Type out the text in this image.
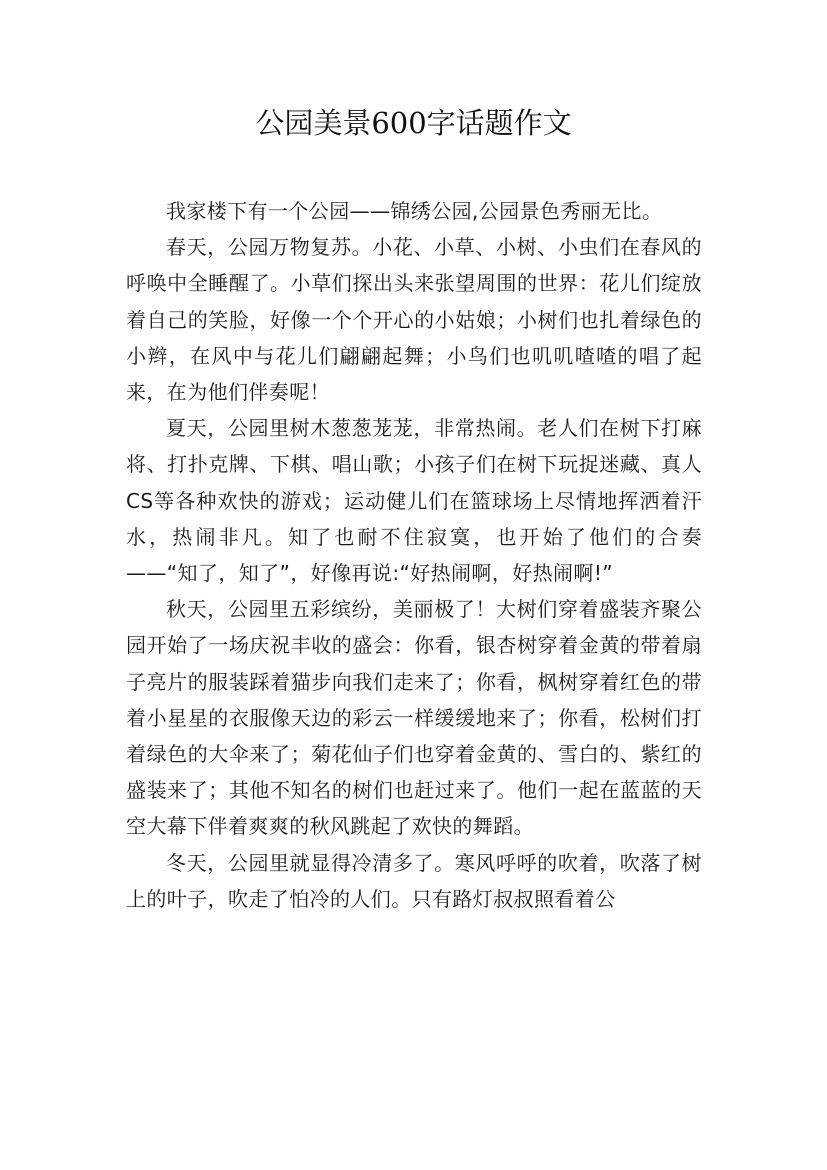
公园美景600字话题作文

我家楼下有一个公园——锦绣公园,公园景色秀丽无比。

春天，公园万物复苏。小花、小草、小树、小虫们在春风的呼唤中全睡醒了。小草们探出头来张望周围的世界：花儿们绽放着自己的笑脸，好像一个个开心的小姑娘；小树们也扎着绿色的小辫，在风中与花儿们翩翩起舞；小鸟们也叽叽喳喳的唱了起来，在为他们伴奏呢！

夏天，公园里树木葱葱茏茏，非常热闹。老人们在树下打麻将、打扑克牌、下棋、唱山歌；小孩子们在树下玩捉迷藏、真人CS等各种欢快的游戏；运动健儿们在篮球场上尽情地挥洒着汗水，热闹非凡。知了也耐不住寂寞，也开始了他们的合奏——“知了，知了”，好像再说:“好热闹啊，好热闹啊!”

秋天，公园里五彩缤纷，美丽极了！大树们穿着盛装齐聚公园开始了一场庆祝丰收的盛会：你看，银杏树穿着金黄的带着扇子亮片的服装踩着猫步向我们走来了；你看，枫树穿着红色的带着小星星的衣服像天边的彩云一样缓缓地来了；你看，松树们打着绿色的大伞来了；菊花仙子们也穿着金黄的、雪白的、紫红的盛装来了；其他不知名的树们也赶过来了。他们一起在蓝蓝的天空大幕下伴着爽爽的秋风跳起了欢快的舞蹈。

冬天，公园里就显得冷清多了。寒风呼呼的吹着，吹落了树上的叶子，吹走了怕冷的人们。只有路灯叔叔照看着公
